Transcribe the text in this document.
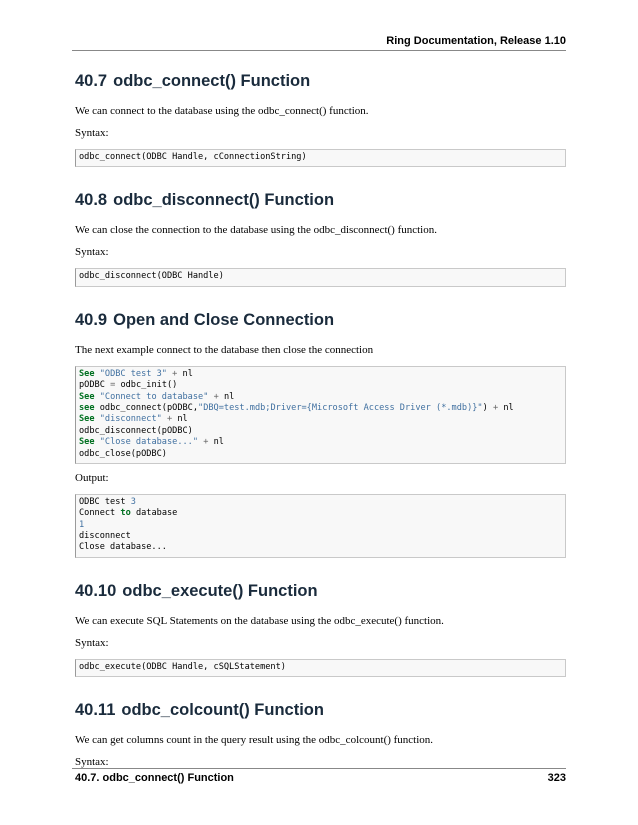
Ring Documentation, Release 1.10
40.7 odbc_connect() Function

We can connect to the database using the odbc_connect() function.

Syntax:

odbc_connect(ODBC Handle, cConnectionString)
40.8 odbc_disconnect() Function

We can close the connection to the database using the odbc_disconnect() function.

Syntax:

odbc_disconnect(ODBC Handle)
40.9 Open and Close Connection

The next example connect to the database then close the connection

See "ODBC test 3" + nl
pODBC = odbc_init()
See "Connect to database" + nl
see odbc_connect(pODBC,"DBQ=test.mdb;Driver={Microsoft Access Driver (*.mdb)}") + nl
See "disconnect" + nl
odbc_disconnect(pODBC)
See "Close database..." + nl
odbc_close(pODBC)

Output:

ODBC test 3
Connect to database
1
disconnect
Close database...
40.10 odbc_execute() Function

We can execute SQL Statements on the database using the odbc_execute() function.

Syntax:

odbc_execute(ODBC Handle, cSQLStatement)
40.11 odbc_colcount() Function

We can get columns count in the query result using the odbc_colcount() function.

Syntax:

40.7. odbc_connect() Function	323
